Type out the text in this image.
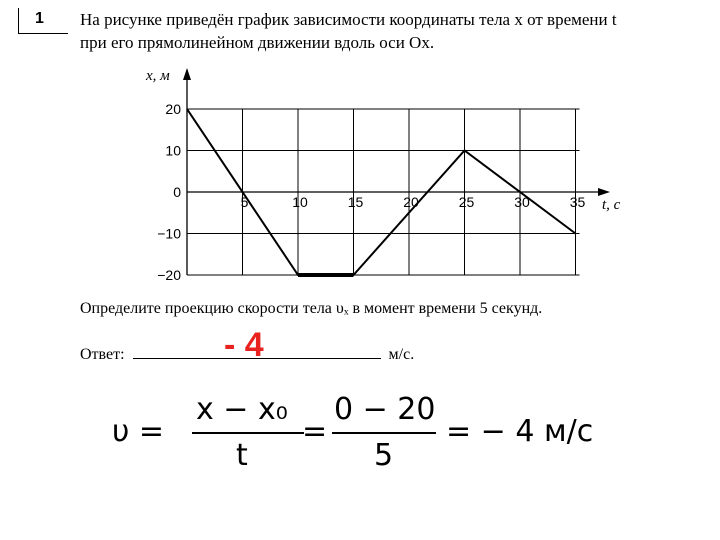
1	На рисунке приведён график зависимости координаты тела x от времени t
при его прямолинейном движении вдоль оси Ox.
20
10
0
−10
−20
5	10	15	20	25	30	35
x, м
t, c
Определите проекцию скорости тела υₓ в момент времени 5 секунд.
Ответ:	м/с.
- 4
υ =
x − x₀
t
=
0 − 20
5
= − 4 м/с
